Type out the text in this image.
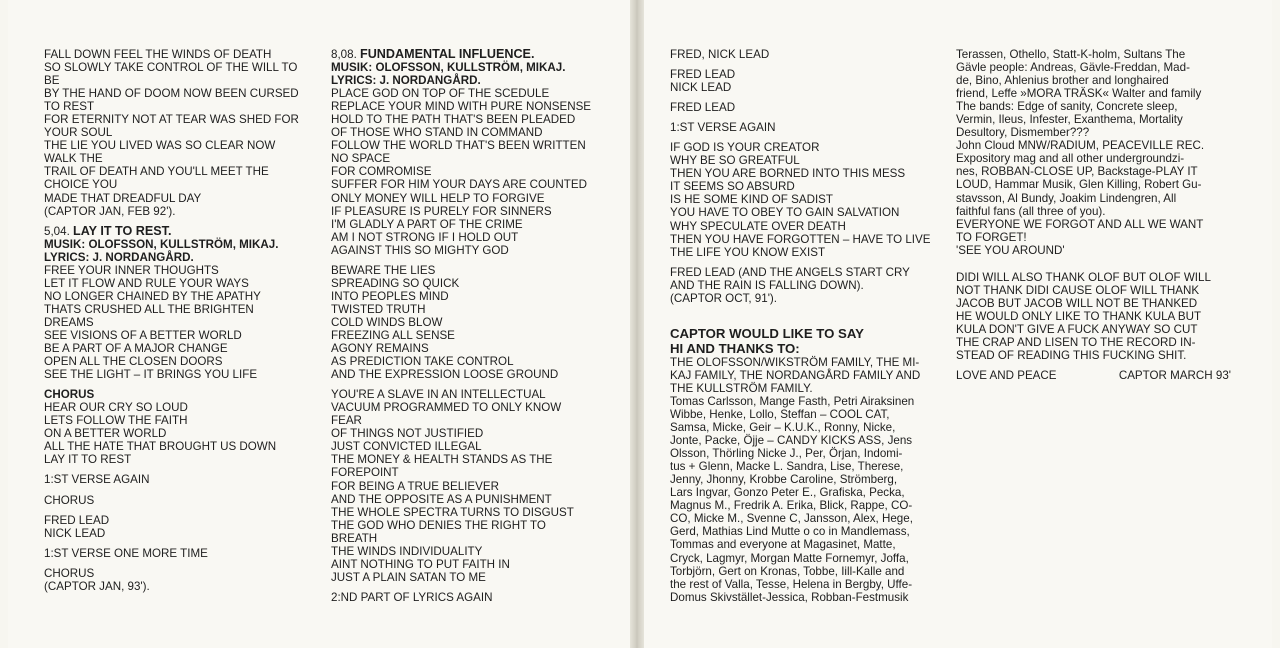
FALL DOWN FEEL THE WINDS OF DEATH
SO SLOWLY TAKE CONTROL OF THE WILL TO
BE
BY THE HAND OF DOOM NOW BEEN CURSED
TO REST
FOR ETERNITY NOT AT TEAR WAS SHED FOR
YOUR SOUL
THE LIE YOU LIVED WAS SO CLEAR NOW
WALK THE
TRAIL OF DEATH AND YOU'LL MEET THE
CHOICE YOU
MADE THAT DREADFUL DAY
(CAPTOR JAN, FEB 92').
5,04. LAY IT TO REST.
MUSIK: OLOFSSON, KULLSTRÖM, MIKAJ.
LYRICS: J. NORDANGÅRD.
FREE YOUR INNER THOUGHTS
LET IT FLOW AND RULE YOUR WAYS
NO LONGER CHAINED BY THE APATHY
THATS CRUSHED ALL THE BRIGHTEN
DREAMS
SEE VISIONS OF A BETTER WORLD
BE A PART OF A MAJOR CHANGE
OPEN ALL THE CLOSEN DOORS
SEE THE LIGHT – IT BRINGS YOU LIFE
CHORUS
HEAR OUR CRY SO LOUD
LETS FOLLOW THE FAITH
ON A BETTER WORLD
ALL THE HATE THAT BROUGHT US DOWN
LAY IT TO REST
1:ST VERSE AGAIN
CHORUS
FRED LEAD
NICK LEAD
1:ST VERSE ONE MORE TIME
CHORUS
(CAPTOR JAN, 93').
8,08. FUNDAMENTAL INFLUENCE.
MUSIK: OLOFSSON, KULLSTRÖM, MIKAJ.
LYRICS: J. NORDANGÅRD.
PLACE GOD ON TOP OF THE SCEDULE
REPLACE YOUR MIND WITH PURE NONSENSE
HOLD TO THE PATH THAT'S BEEN PLEADED
OF THOSE WHO STAND IN COMMAND
FOLLOW THE WORLD THAT'S BEEN WRITTEN
NO SPACE
FOR COMROMISE
SUFFER FOR HIM YOUR DAYS ARE COUNTED
ONLY MONEY WILL HELP TO FORGIVE
IF PLEASURE IS PURELY FOR SINNERS
I'M GLADLY A PART OF THE CRIME
AM I NOT STRONG IF I HOLD OUT
AGAINST THIS SO MIGHTY GOD
BEWARE THE LIES
SPREADING SO QUICK
INTO PEOPLES MIND
TWISTED TRUTH
COLD WINDS BLOW
FREEZING ALL SENSE
AGONY REMAINS
AS PREDICTION TAKE CONTROL
AND THE EXPRESSION LOOSE GROUND
YOU'RE A SLAVE IN AN INTELLECTUAL
VACUUM PROGRAMMED TO ONLY KNOW
FEAR
OF THINGS NOT JUSTIFIED
JUST CONVICTED ILLEGAL
THE MONEY & HEALTH STANDS AS THE
FOREPOINT
FOR BEING A TRUE BELIEVER
AND THE OPPOSITE AS A PUNISHMENT
THE WHOLE SPECTRA TURNS TO DISGUST
THE GOD WHO DENIES THE RIGHT TO
BREATH
THE WINDS INDIVIDUALITY
AINT NOTHING TO PUT FAITH IN
JUST A PLAIN SATAN TO ME
2:ND PART OF LYRICS AGAIN
FRED, NICK LEAD
FRED LEAD
NICK LEAD
FRED LEAD
1:ST VERSE AGAIN
IF GOD IS YOUR CREATOR
WHY BE SO GREATFUL
THEN YOU ARE BORNED INTO THIS MESS
IT SEEMS SO ABSURD
IS HE SOME KIND OF SADIST
YOU HAVE TO OBEY TO GAIN SALVATION
WHY SPECULATE OVER DEATH
THEN YOU HAVE FORGOTTEN – HAVE TO LIVE
THE LIFE YOU KNOW EXIST
FRED LEAD (AND THE ANGELS START CRY
AND THE RAIN IS FALLING DOWN).
(CAPTOR OCT, 91').
CAPTOR WOULD LIKE TO SAY
HI AND THANKS TO:
THE OLOFSSON/WIKSTRÖM FAMILY, THE MI-
KAJ FAMILY, THE NORDANGÅRD FAMILY AND
THE KULLSTRÖM FAMILY.
Tomas Carlsson, Mange Fasth, Petri Airaksinen
Wibbe, Henke, Lollo, Steffan – COOL CAT,
Samsa, Micke, Geir – K.U.K., Ronny, Nicke,
Jonte, Packe, Öjje – CANDY KICKS ASS, Jens
Olsson, Thörling Nicke J., Per, Örjan, Indomi-
tus + Glenn, Macke L. Sandra, Lise, Therese,
Jenny, Jhonny, Krobbe Caroline, Strömberg,
Lars Ingvar, Gonzo Peter E., Grafiska, Pecka,
Magnus M., Fredrik A. Erika, Blick, Rappe, CO-
CO, Micke M., Svenne C, Jansson, Alex, Hege,
Gerd, Mathias Lind Mutte o co in Mandlemass,
Tommas and everyone at Magasinet, Matte,
Cryck, Lagmyr, Morgan Matte Fornemyr, Joffa,
Torbjörn, Gert on Kronas, Tobbe, Iill-Kalle and
the rest of Valla, Tesse, Helena in Bergby, Uffe-
Domus Skivstället-Jessica, Robban-Festmusik
Terassen, Othello, Statt-K-holm, Sultans The
Gävle people: Andreas, Gävle-Freddan, Mad-
de, Bino, Ahlenius brother and longhaired
friend, Leffe »MORA TRÄSK« Walter and family
The bands: Edge of sanity, Concrete sleep,
Vermin, Ileus, Infester, Exanthema, Mortality
Desultory, Dismember???
John Cloud MNW/RADIUM, PEACEVILLE REC.
Expository mag and all other undergroundzi-
nes, ROBBAN-CLOSE UP, Backstage-PLAY IT
LOUD, Hammar Musik, Glen Killing, Robert Gu-
stavsson, Al Bundy, Joakim Lindengren, All
faithful fans (all three of you).
EVERYONE WE FORGOT AND ALL WE WANT
TO FORGET!
'SEE YOU AROUND'
DIDI WILL ALSO THANK OLOF BUT OLOF WILL
NOT THANK DIDI CAUSE OLOF WILL THANK
JACOB BUT JACOB WILL NOT BE THANKED
HE WOULD ONLY LIKE TO THANK KULA BUT
KULA DON'T GIVE A FUCK ANYWAY SO CUT
THE CRAP AND LISEN TO THE RECORD IN-
STEAD OF READING THIS FUCKING SHIT.
LOVE AND PEACE	CAPTOR MARCH 93'
